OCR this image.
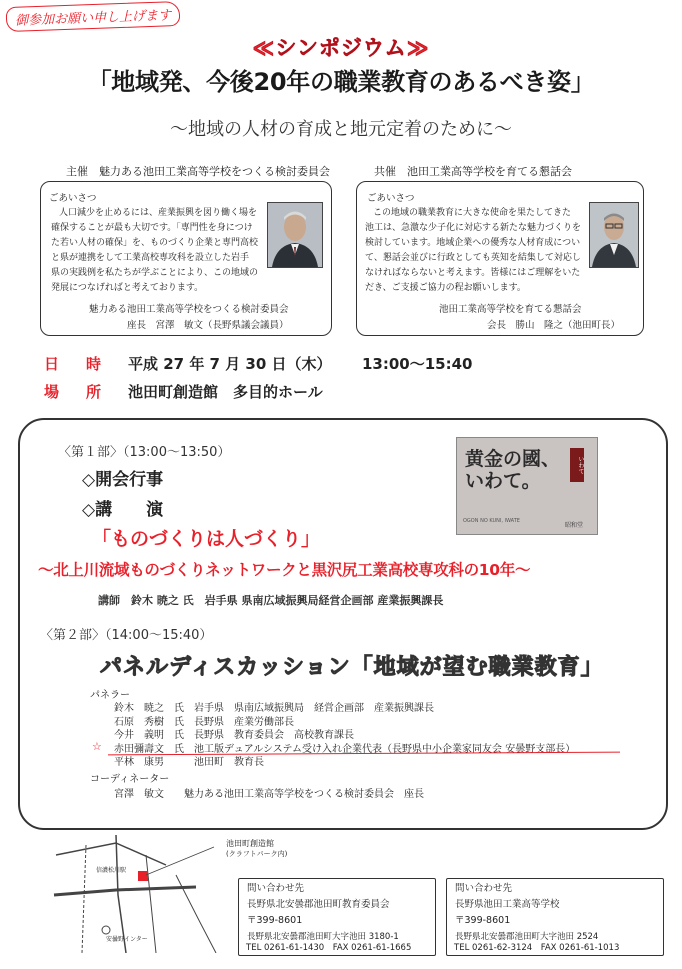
御参加お願い申し上げます
≪シンポジウム≫
「地域発、今後20年の職業教育のあるべき姿」
～地域の人材の育成と地元定着のために～
主催　魅力ある池田工業高等学校をつくる検討委員会	共催　池田工業高等学校を育てる懇話会
ごあいさつ
人口減少を止めるには、産業振興を図り働く場を
確保することが最も大切です。「専門性を身につけ
た若い人材の確保」を、ものづくり企業と専門高校
と県が連携をして工業高校専攻科を設立した岩手
県の実践例を私たちが学ぶことにより、この地域の
発展につなげればと考えております。
魅力ある池田工業高等学校をつくる検討委員会
座長　宮澤　敏文（長野県議会議員）
ごあいさつ
この地域の職業教育に大きな使命を果たしてきた
池工は、急激な少子化に対応する新たな魅力づくりを
検討しています。地域企業への優秀な人材育成につい
て、懇話会並びに行政としても英知を結集して対応し
なければならないと考えます。皆様にはご理解をいた
だき、ご支援ご協力の程お願いします。
池田工業高等学校を育てる懇話会
会長　勝山　隆之（池田町長）
日　時 平成 27 年 7 月 30 日（木） 13:00〜15:40
場　所 池田町創造館　多目的ホール
〈第１部〉（13:00〜13:50）
◇開会行事
◇講　　演
黄金の國、いわて。
いわて
OGON NO KUNI, IWATE
昭和堂
「ものづくりは人づくり」
～北上川流域ものづくりネットワークと黒沢尻工業高校専攻科の10年～
講師　鈴木 暁之 氏　岩手県 県南広域振興局経営企画部 産業振興課長
〈第２部〉（14:00〜15:40）
パネルディスカッション「地域が望む職業教育」
パネラー
鈴木　暁之　氏　岩手県　県南広域振興局　経営企画部　産業振興課長
石原　秀樹　氏　長野県　産業労働部長
今井　義明　氏　長野県　教育委員会　高校教育課長
赤田彌壽文　氏　池工版デュアルシステム受け入れ企業代表（長野県中小企業家同友会 安曇野支部長）
平林　康男　　　池田町　教育長
☆
コーディネーター
宮澤　敏文　　魅力ある池田工業高等学校をつくる検討委員会　座長
池田町創造館
(クラフトパーク内)
信濃松川駅
安曇野インター
問い合わせ先
長野県北安曇郡池田町教育委員会
〒399-8601
長野県北安曇郡池田町大字池田 3180-1
TEL 0261-61-1430　FAX 0261-61-1665
問い合わせ先
長野県池田工業高等学校
〒399-8601
長野県北安曇郡池田町大字池田 2524
TEL 0261-62-3124　FAX 0261-61-1013
